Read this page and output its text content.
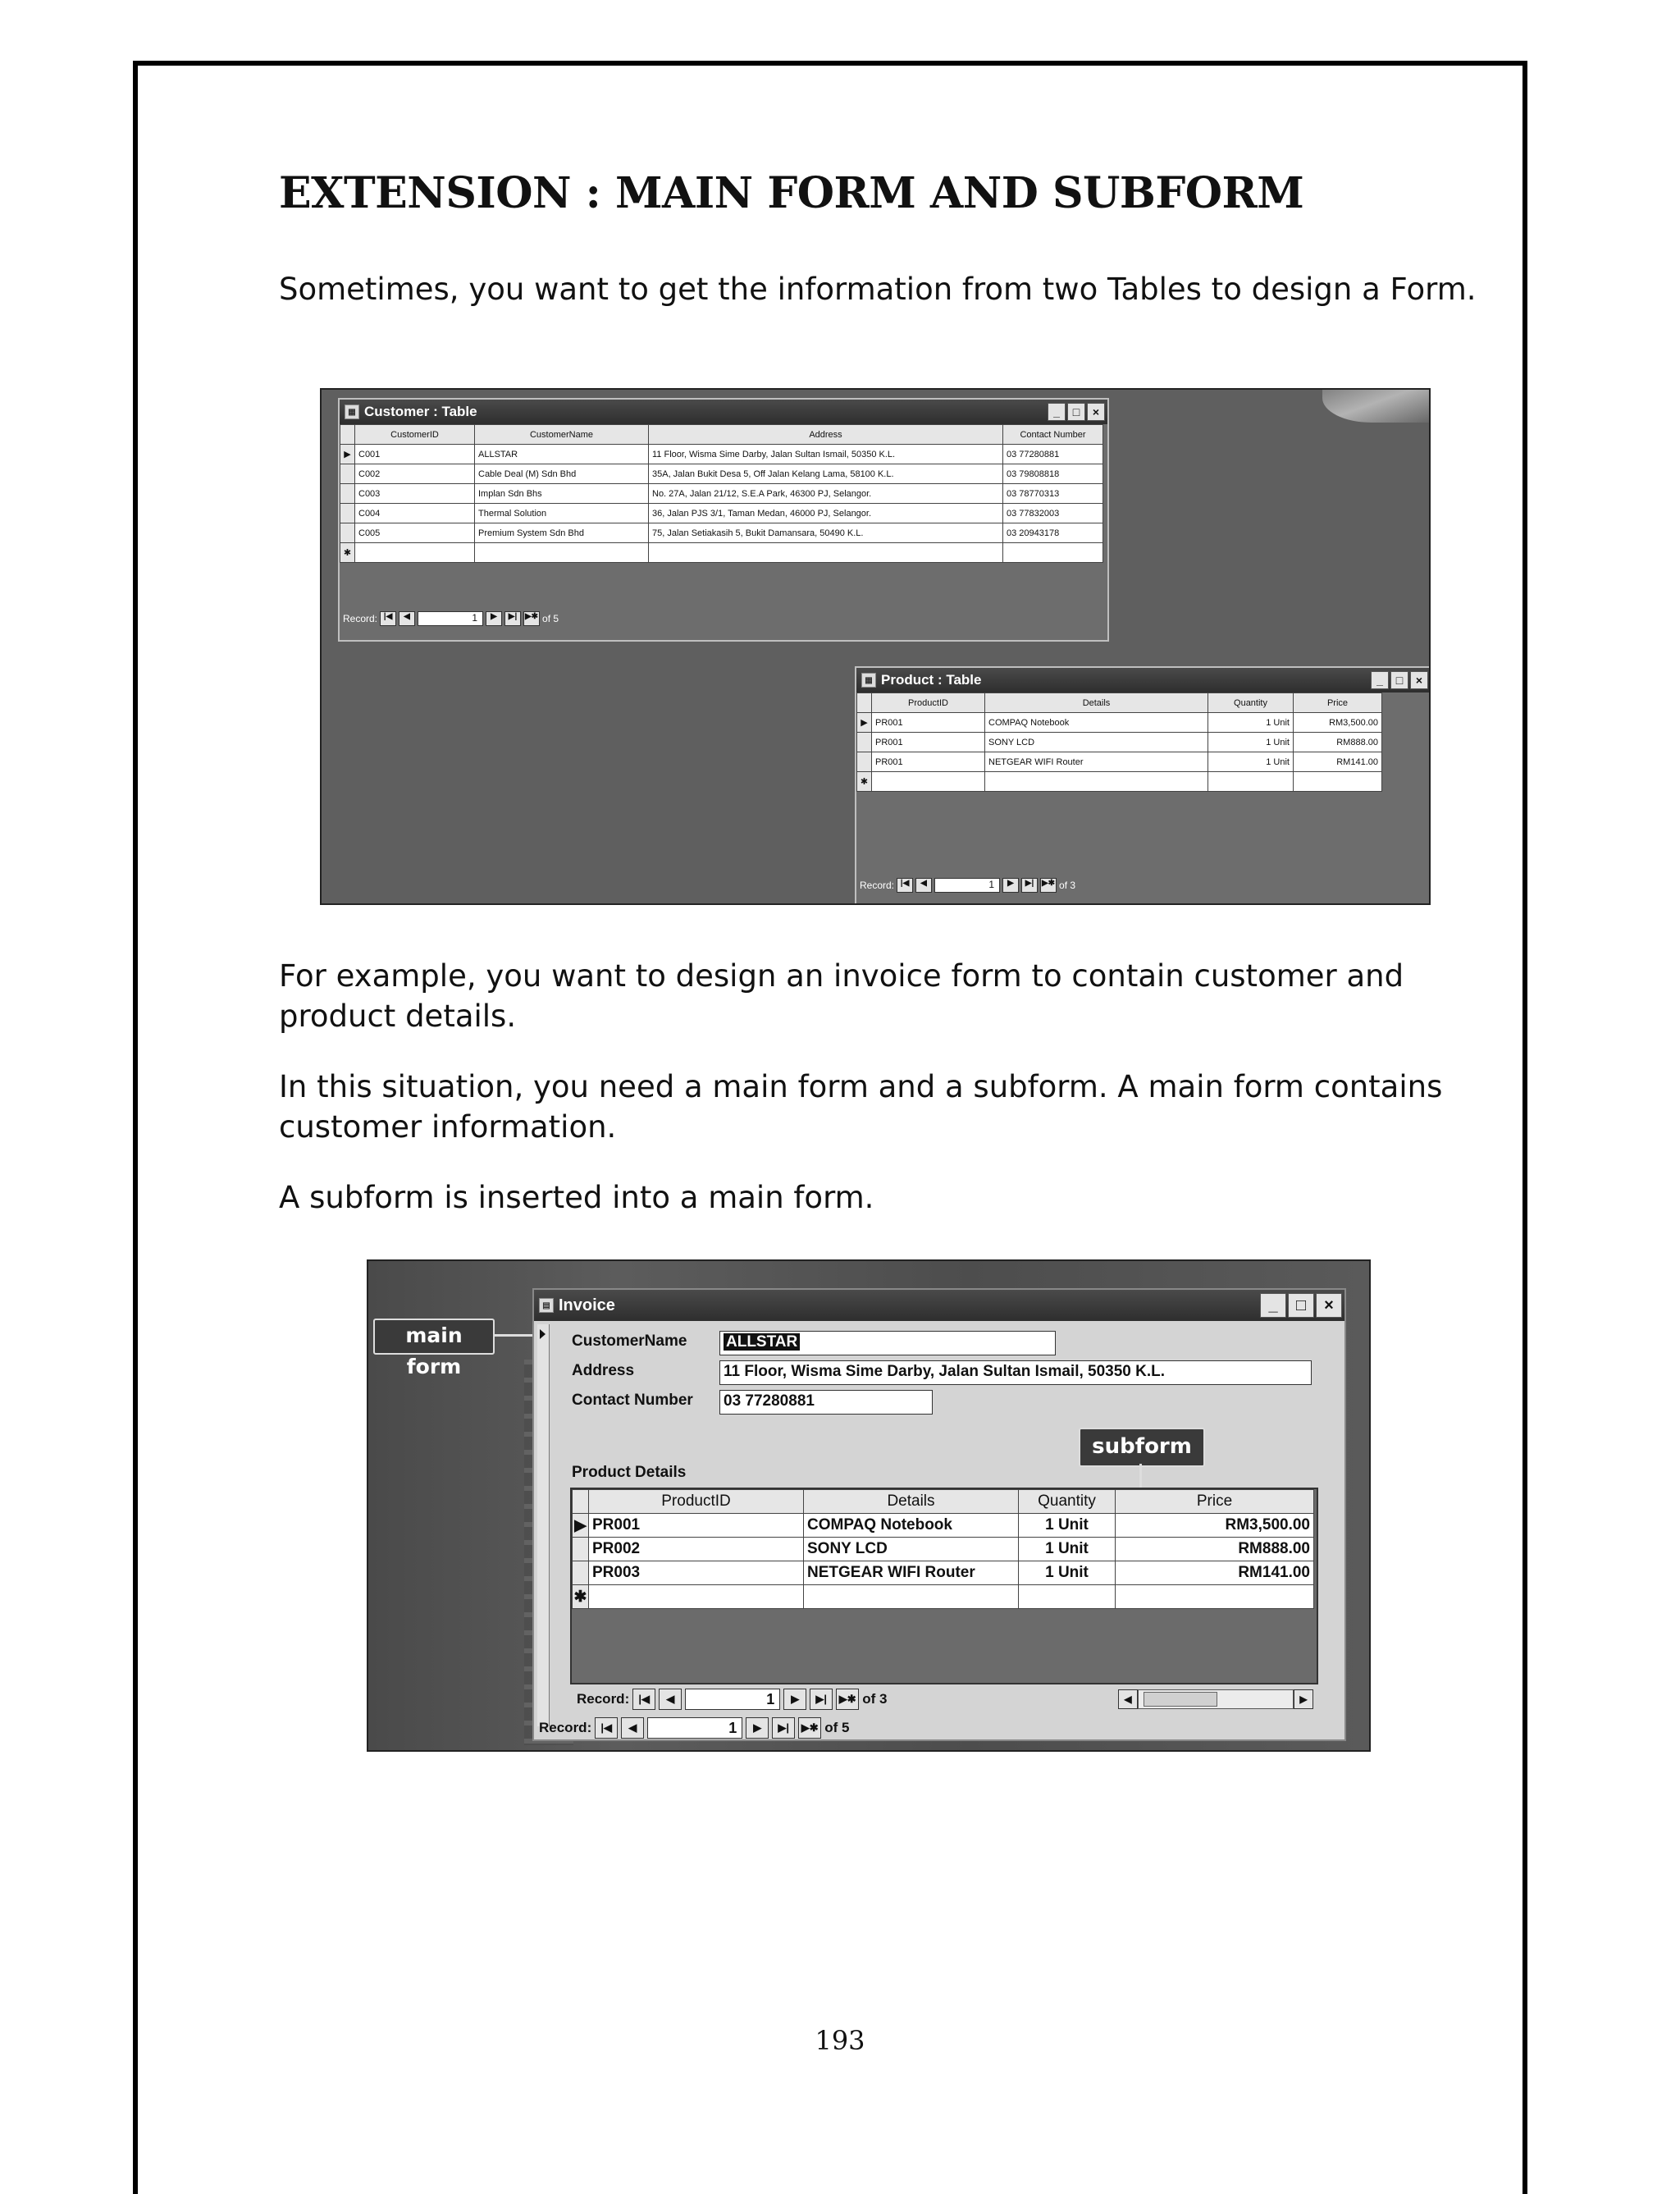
EXTENSION : MAIN FORM AND SUBFORM
Sometimes, you want to get the information from two Tables to design a Form.
▦ Customer : Table	_	□	×
	CustomerID	CustomerName	Address	Contact Number
▶	C001	ALLSTAR	11 Floor, Wisma Sime Darby, Jalan Sultan Ismail, 50350 K.L.	03 77280881
	C002	Cable Deal (M) Sdn Bhd	35A, Jalan Bukit Desa 5, Off Jalan Kelang Lama, 58100 K.L.	03 79808818
	C003	Implan Sdn Bhs	No. 27A, Jalan 21/12, S.E.A Park, 46300 PJ, Selangor.	03 78770313
	C004	Thermal Solution	36, Jalan PJS 3/1, Taman Medan, 46000 PJ, Selangor.	03 77832003
	C005	Premium System Sdn Bhd	75, Jalan Setiakasih 5, Bukit Damansara, 50490 K.L.	03 20943178
✱				
Record: |◀	◀	1	▶	▶| ▶✱ of 5
▦ Product : Table	_	□	×
	ProductID	Details	Quantity	Price
▶	PR001	COMPAQ Notebook	1 Unit	RM3,500.00
	PR001	SONY LCD	1 Unit	RM888.00
	PR001	NETGEAR WIFI Router	1 Unit	RM141.00
✱				
Record: |◀	◀	1	▶	▶| ▶✱ of 3
For example, you want to design an invoice form to contain customer and product details.
In this situation, you need a main form and a subform. A main form contains customer information.
A subform is inserted into a main form.
main form
▤ Invoice	_	□	×
CustomerName	ALLSTAR
Address	11 Floor, Wisma Sime Darby, Jalan Sultan Ismail, 50350 K.L.
Contact Number 03 77280881
subform
Product Details
	ProductID	Details	Quantity	Price
▶	PR001	COMPAQ Notebook	1 Unit	RM3,500.00
	PR002	SONY LCD	1 Unit	RM888.00
	PR003	NETGEAR WIFI Router	1 Unit	RM141.00
✱				
Record: |◀	◀	1	▶	▶|	▶✱ of 3	◀	▶
Record: |◀	◀	1	▶	▶|	▶✱ of 5
193
